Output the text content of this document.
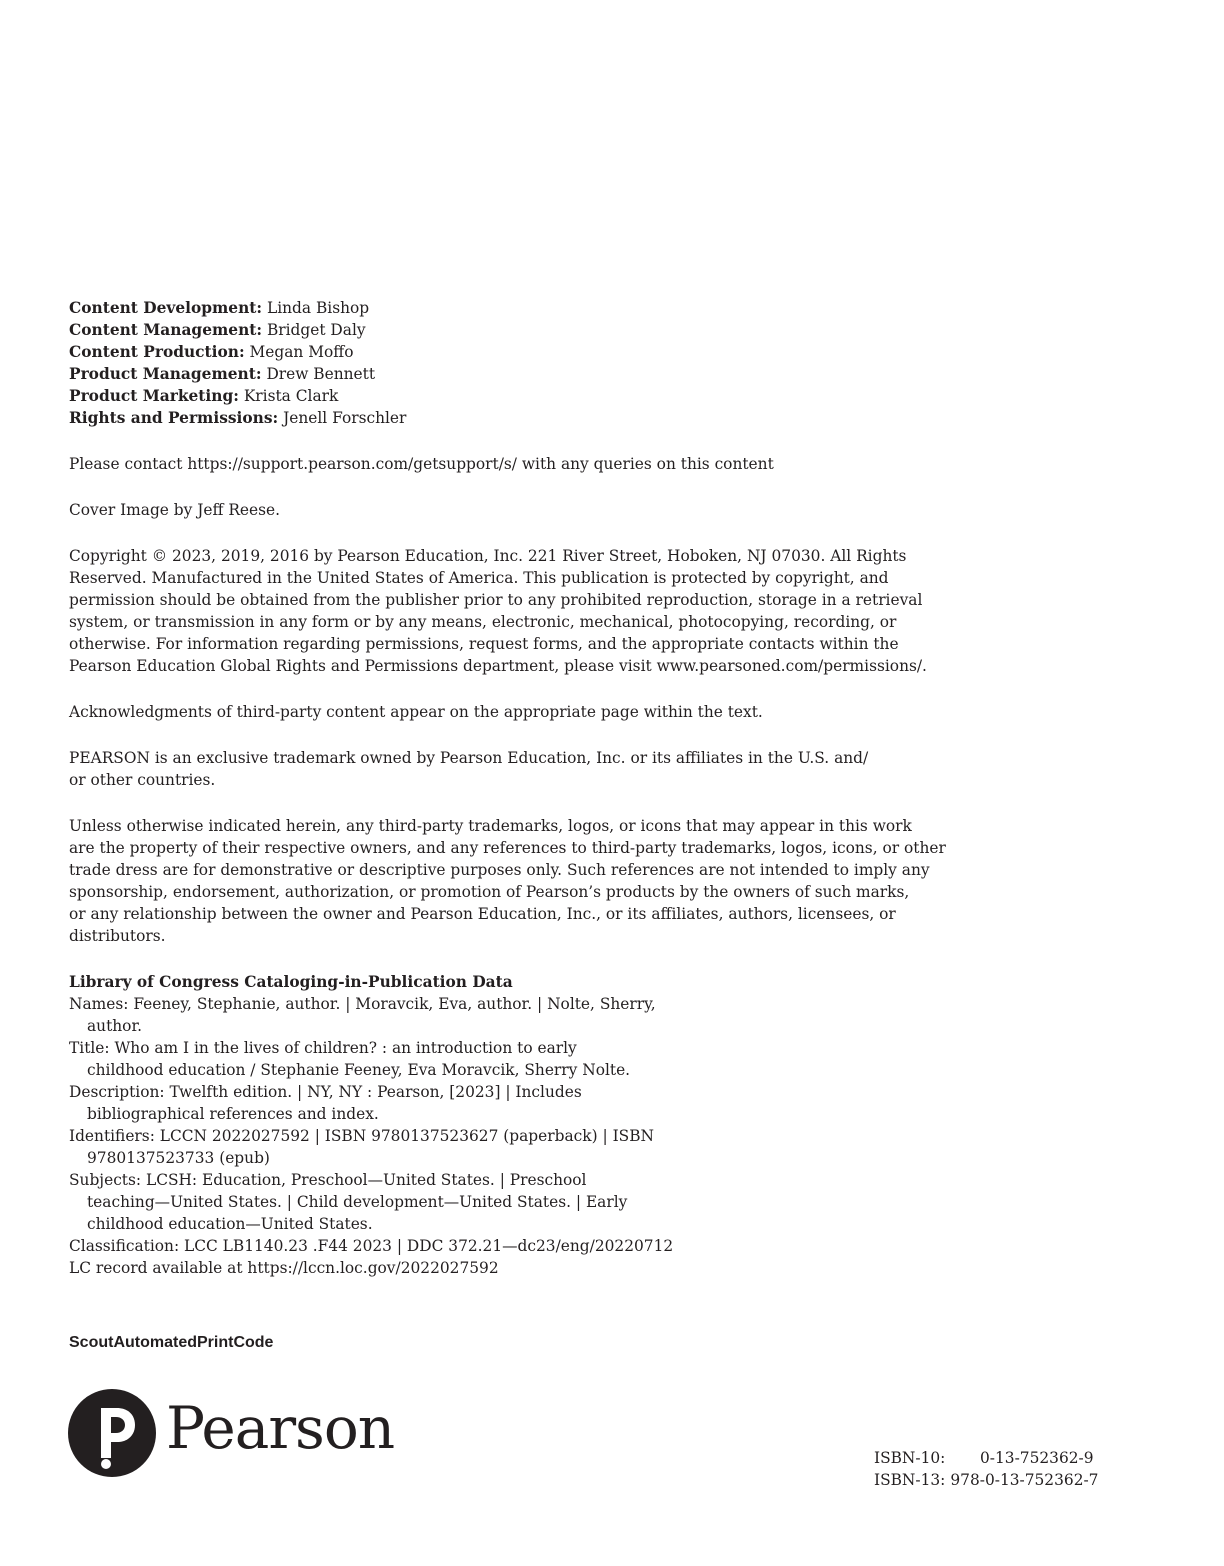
Content Development: Linda Bishop

Content Management: Bridget Daly

Content Production: Megan Moffo

Product Management: Drew Bennett

Product Marketing: Krista Clark

Rights and Permissions: Jenell Forschler

Please contact https://support.pearson.com/getsupport/s/ with any queries on this content

Cover Image by Jeff Reese.

Copyright © 2023, 2019, 2016 by Pearson Education, Inc. 221 River Street, Hoboken, NJ 07030. All Rights

Reserved. Manufactured in the United States of America. This publication is protected by copyright, and

permission should be obtained from the publisher prior to any prohibited reproduction, storage in a retrieval

system, or transmission in any form or by any means, electronic, mechanical, photocopying, recording, or

otherwise. For information regarding permissions, request forms, and the appropriate contacts within the

Pearson Education Global Rights and Permissions department, please visit www.pearsoned.com/permissions/.

Acknowledgments of third-party content appear on the appropriate page within the text.

PEARSON is an exclusive trademark owned by Pearson Education, Inc. or its affiliates in the U.S. and/

or other countries.

Unless otherwise indicated herein, any third-party trademarks, logos, or icons that may appear in this work

are the property of their respective owners, and any references to third-party trademarks, logos, icons, or other

trade dress are for demonstrative or descriptive purposes only. Such references are not intended to imply any

sponsorship, endorsement, authorization, or promotion of Pearson’s products by the owners of such marks,

or any relationship between the owner and Pearson Education, Inc., or its affiliates, authors, licensees, or

distributors.

Library of Congress Cataloging-in-Publication Data

Names: Feeney, Stephanie, author. | Moravcik, Eva, author. | Nolte, Sherry,
author.

Title: Who am I in the lives of children? : an introduction to early
childhood education / Stephanie Feeney, Eva Moravcik, Sherry Nolte.

Description: Twelfth edition. | NY, NY : Pearson, [2023] | Includes
bibliographical references and index.

Identifiers: LCCN 2022027592 | ISBN 9780137523627 (paperback) | ISBN
9780137523733 (epub)

Subjects: LCSH: Education, Preschool—United States. | Preschool
teaching—United States. | Child development—United States. | Early
childhood education—United States.

Classification: LCC LB1140.23 .F44 2023 | DDC 372.21—dc23/eng/20220712

LC record available at https://lccn.loc.gov/2022027592

ScoutAutomatedPrintCode
Pearson	ISBN-10: 0-13-752362-9
ISBN-13: 978-0-13-752362-7
